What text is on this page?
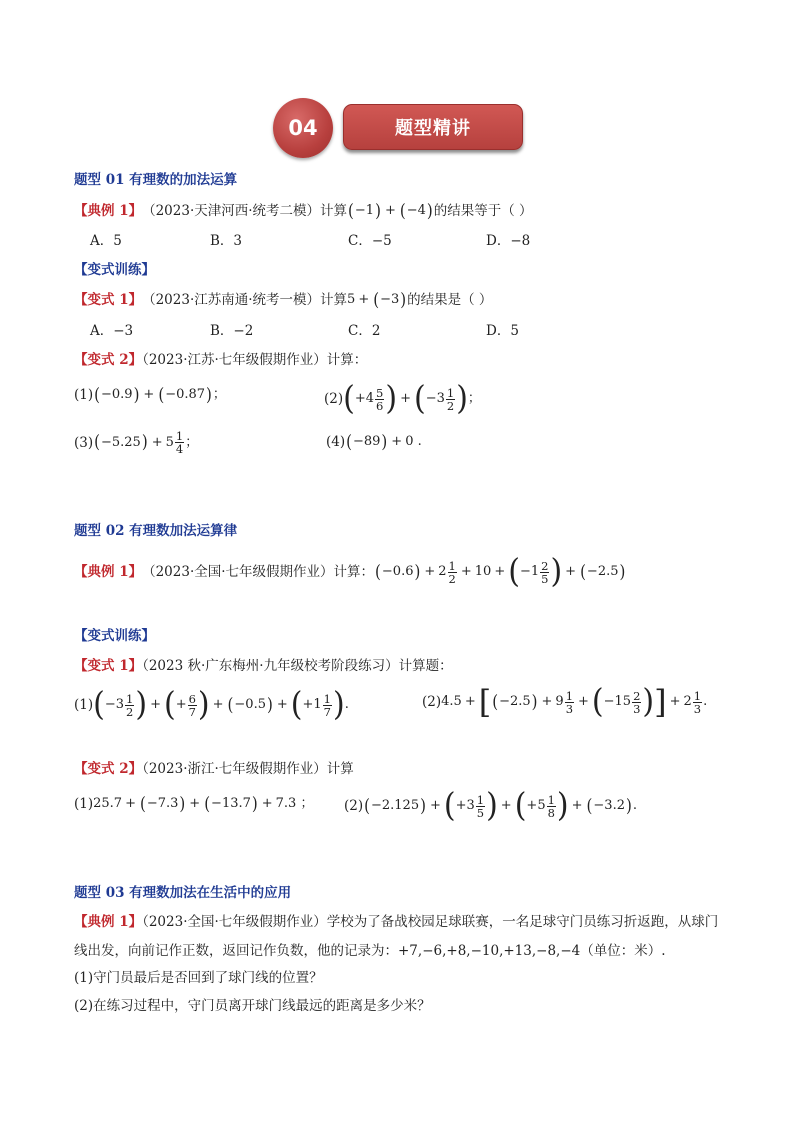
题型精讲
04
题型 01 有理数的加法运算
【典例 1】 （2023·天津河西·统考二模）计算 ( −1 ) + ( −4 ) 的结果等于（ ）
A．5	B．3	C．−5	D．−8
【变式训练】
【变式 1】 （2023·江苏南通·统考一模）计算 5 + ( −3 ) 的结果是（ ）
A．−3	B．−2	C．2	D．5
【变式 2】（2023·江苏·七年级假期作业）计算：
(1) ( −0.9 ) + ( −0.87 ) ；	(2) ( $+4 \frac{5}{6}$ ) + ( $-3 \frac{1}{2}$ ) ；
(3) ( −5.25 ) + $5 \frac{1}{4}$ ；	(4) ( −89 ) + 0 .
题型 02 有理数加法运算律
【典例 1】 （2023·全国·七年级假期作业）计算： ( −0.6 ) + $2 \frac{1}{2} + 10$ + ( $-1 \frac{2}{5}$ ) + ( −2.5 )
【变式训练】
【变式 1】（2023 秋·广东梅州·九年级校考阶段练习）计算题：
(1) ( $-3 \frac{1}{2}$ ) + ( + $\frac{6}{7}$ ) + ( −0.5 ) + ( $+1 \frac{1}{7}$ ) .	(2) 4.5 + [ ( −2.5 ) + $9 \frac{1}{3}$ + ( $-15 \frac{2}{3}$ ) ] + $2 \frac{1}{3}$ .
【变式 2】（2023·浙江·七年级假期作业）计算
(1) 25.7 + ( −7.3 ) + ( −13.7 ) + 7.3 ； (2) ( −2.125 ) + ( $+3 \frac{1}{5}$ ) + ( $+5 \frac{1}{8}$ ) + ( −3.2 ) .
题型 03 有理数加法在生活中的应用
【典例 1】（2023·全国·七年级假期作业）学校为了备战校园足球联赛，一名足球守门员练习折返跑，从球门
线出发，向前记作正数，返回记作负数，他的记录为：+7,−6,+8,−10,+13,−8,−4（单位：米）.
(1)守门员最后是否回到了球门线的位置？
(2)在练习过程中，守门员离开球门线最远的距离是多少米？
